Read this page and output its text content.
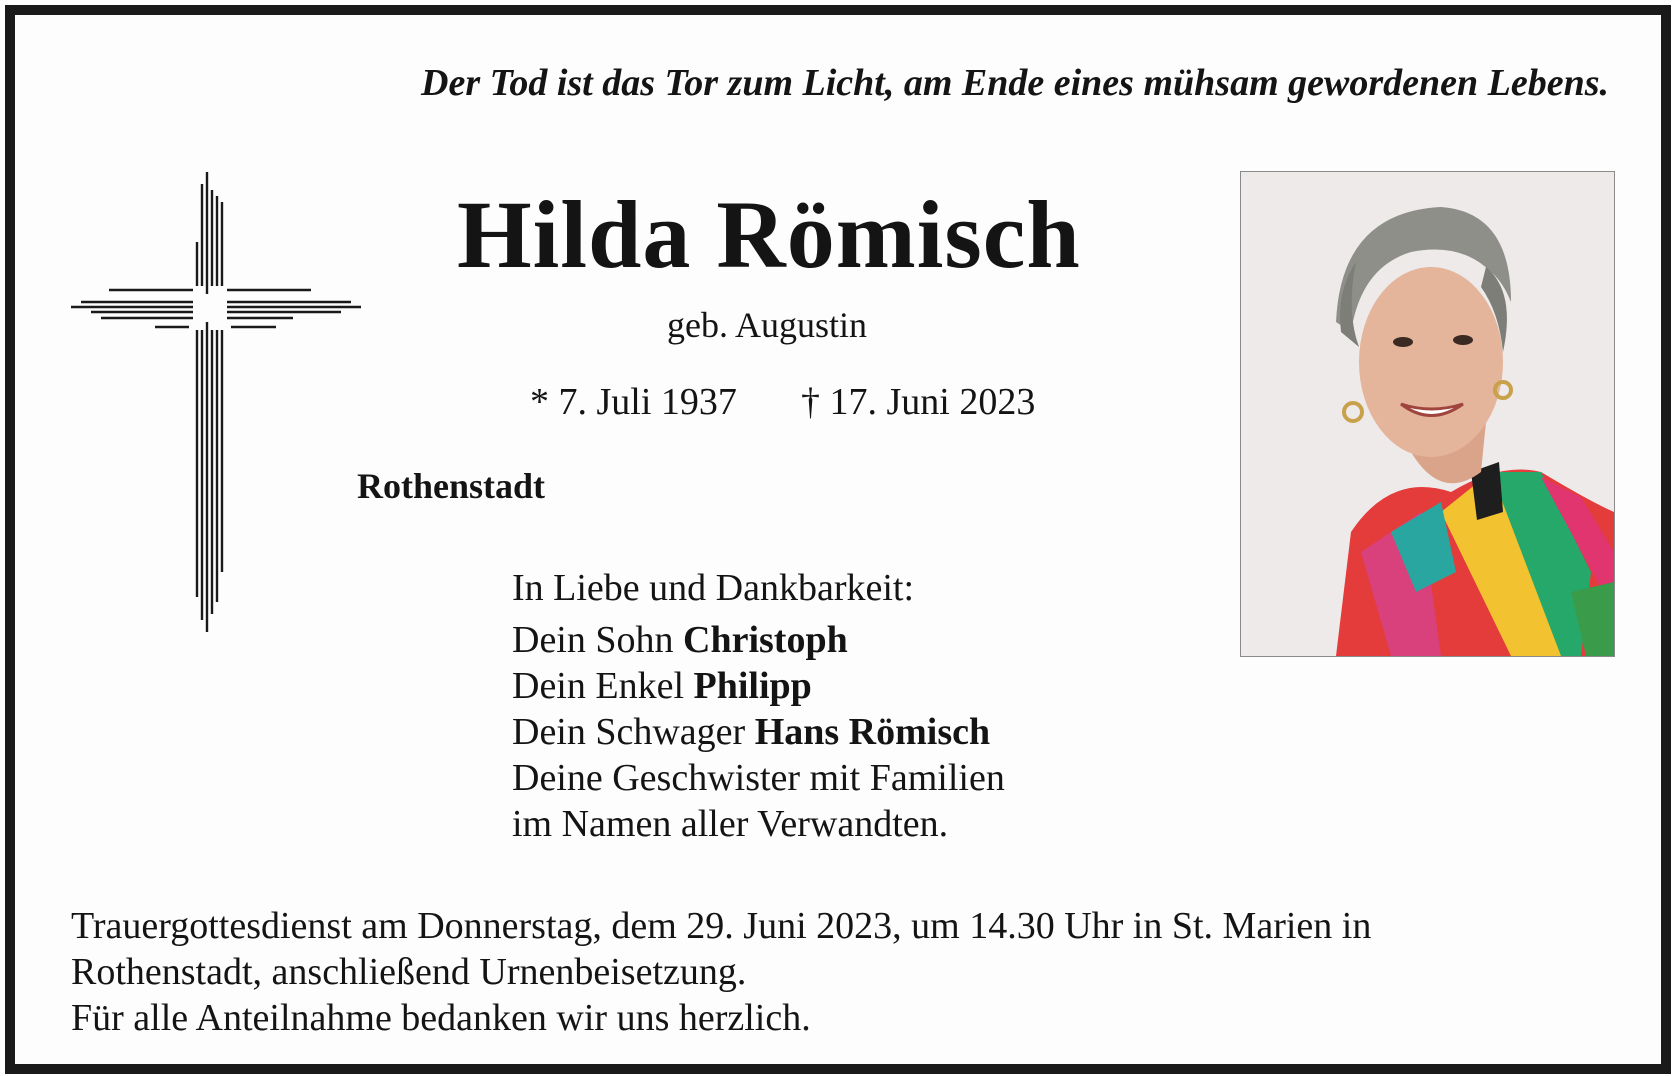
Der Tod ist das Tor zum Licht, am Ende eines mühsam gewordenen Lebens.

Hilda Römisch
geb. Augustin
* 7. Juli 1937 † 17. Juni 2023
Rothenstadt
In Liebe und Dankbarkeit:
Dein Sohn Christoph
Dein Enkel Philipp
Dein Schwager Hans Römisch
Deine Geschwister mit Familien
im Namen aller Verwandten.
Trauergottesdienst am Donnerstag, dem 29. Juni 2023, um 14.30 Uhr in St. Marien in
Rothenstadt, anschließend Urnenbeisetzung.
Für alle Anteilnahme bedanken wir uns herzlich.
